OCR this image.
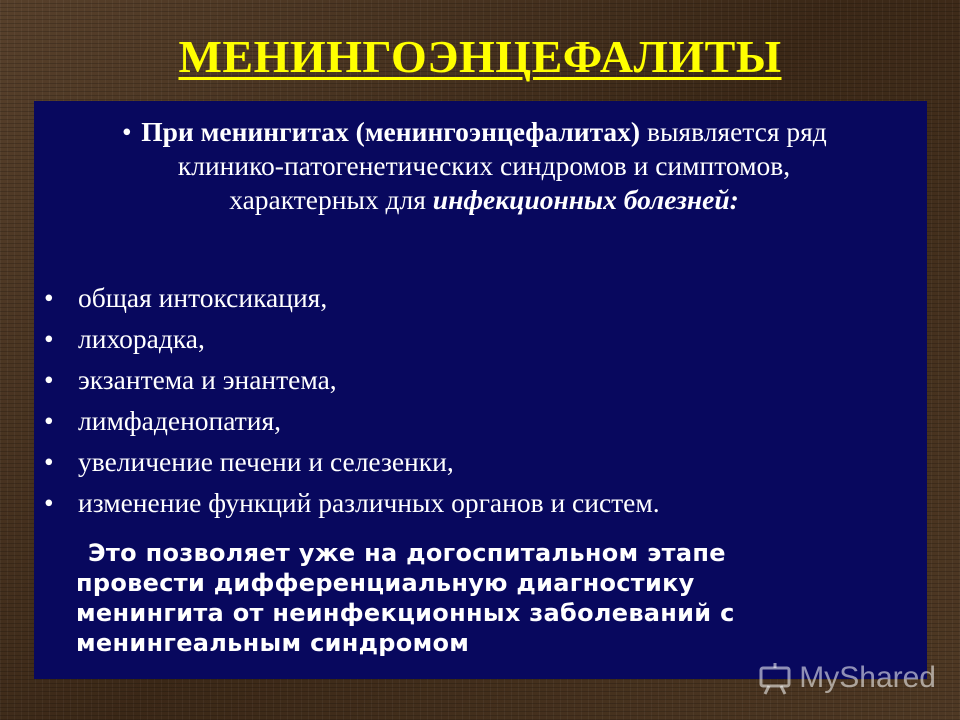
МЕНИНГОЭНЦЕФАЛИТЫ
• При менингитах (менингоэнцефалитах) выявляется ряд клинико-патогенетических синдромов и симптомов, характерных для инфекционных болезней:
• общая интоксикация,
• лихорадка,
• экзантема и энантема,
• лимфаденопатия,
• увеличение печени и селезенки,
• изменение функций различных органов и систем.
Это позволяет уже на догоспитальном этапе
провести дифференциальную диагностику
менингита от неинфекционных заболеваний с
менингеальным синдромом
MyShared
